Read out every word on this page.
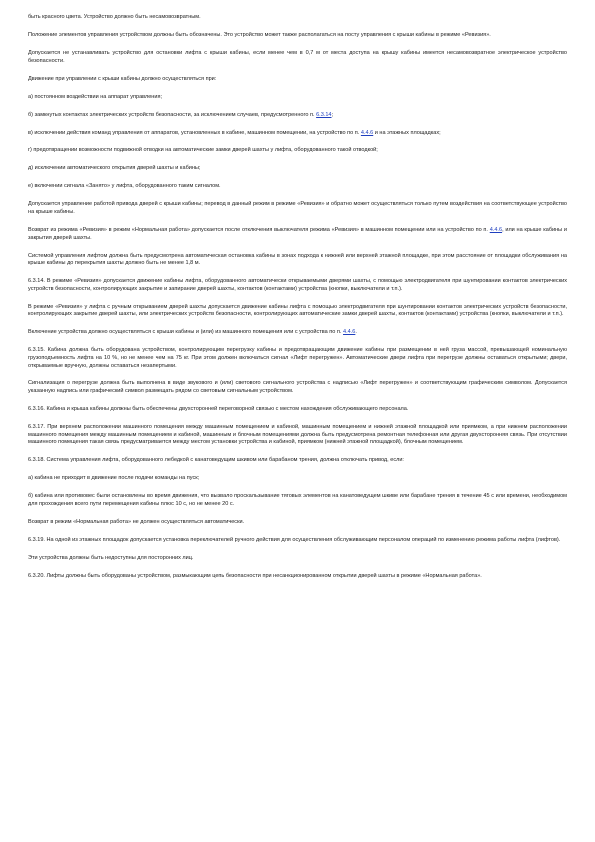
быть красного цвета. Устройство должно быть несамовозвратным.

Положение элементов управления устройством должны быть обозначены. Это устройство может также располагаться на посту управления с крыши кабины в режиме «Ревизия».

Допускается не устанавливать устройство для остановки лифта с крыши кабины, если менее чем в 0,7 м от места доступа на крышу кабины имеется несамовозвратное электрическое устройство безопасности.

Движение при управлении с крыши кабины должно осуществляться при:

а) постоянном воздействии на аппарат управления;

б) замкнутых контактах электрических устройств безопасности, за исключением случаев, предусмотренного п. 6.3.14;

в) исключении действия команд управления от аппаратов, установленных в кабине, машинном помещении, на устройство по п. 4.4.6 и на этажных площадках;

г) предотвращении возможности подвижной отводки на автоматические замки дверей шахты у лифта, оборудованного такой отводкой;

д) исключении автоматического открытия дверей шахты и кабины;

е) включении сигнала «Занято» у лифта, оборудованного таким сигналом.

Допускается управление работой привода дверей с крыши кабины; перевод в данный режим в режиме «Ревизия» и обратно может осуществляться только путем воздействия на соответствующее устройство на крыше кабины.

Возврат из режима «Ревизия» в режим «Нормальная работа» допускается после отключения выключателя режима «Ревизия» в машинном помещении или на устройство по п. 4.4.6, или на крыше кабины и закрытия дверей шахты.

Системой управления лифтом должна быть предусмотрена автоматическая остановка кабины в зонах подхода к нижней или верхней этажной площадке, при этом расстояние от площадки обслуживания на крыше кабины до перекрытия шахты должно быть не менее 1,8 м.

6.3.14. В режиме «Ревизия» допускается движение кабины лифта, оборудованного автоматически открываемыми дверями шахты, с помощью электродвигателя при шунтировании контактов электрических устройств безопасности, контролирующих закрытие и запирание дверей шахты, контактов (контактами) устройства (кнопки, выключатели и т.п.).

В режиме «Ревизия» у лифта с ручным открыванием дверей шахты допускается движение кабины лифта с помощью электродвигателя при шунтировании контактов электрических устройств безопасности, контролирующих закрытие дверей шахты, или электрических устройств безопасности, контролирующих автоматические замки дверей шахты, контактов (контактами) устройства (кнопки, выключатели и т.п.).

Включение устройства должно осуществляться с крыши кабины и (или) из машинного помещения или с устройства по п. 4.4.6.

6.3.15. Кабина должна быть оборудована устройством, контролирующим перегрузку кабины и предотвращающим движение кабины при размещении в ней груза массой, превышающей номинальную грузоподъемность лифта на 10 %, но не менее чем на 75 кг. При этом должен включаться сигнал «Лифт перегружен». Автоматические двери лифта при перегрузе должны оставаться открытыми; двери, открываемые вручную, должны оставаться незапертыми.

Сигнализация о перегрузе должна быть выполнена в виде звукового и (или) светового сигнального устройства с надписью «Лифт перегружен» и соответствующим графическим символом. Допускается указанную надпись или графический символ размещать рядом со световым сигнальным устройством.

6.3.16. Кабина и крыша кабины должны быть обеспечены двухсторонней переговорной связью с местом нахождения обслуживающего персонала.

6.3.17. При верхнем расположении машинного помещения между машинным помещением и кабиной, машинным помещением и нижней этажной площадкой или приямком, а при нижнем расположении машинного помещения между машинным помещением и кабиной, машинным и блочным помещениями должна быть предусмотрена ремонтная телефонная или другая двухсторонняя связь. При отсутствии машинного помещения такая связь предусматривается между местом установки устройства и кабиной, приямком (нижней этажной площадкой), блочным помещением.

6.3.18. Система управления лифта, оборудованного лебедкой с канатоведущим шкивом или барабаном трения, должна отключать привод, если:

а) кабина не приходит в движение после подачи команды на пуск;

б) кабина или противовес были остановлены во время движения, что вызвало проскальзывание тяговых элементов на канатоведущем шкиве или барабане трения в течение 45 с или времени, необходимом для прохождения всего пути перемещения кабины плюс 10 с, но не менее 20 с.

Возврат в режим «Нормальная работа» не должен осуществляться автоматически.

6.3.19. На одной из этажных площадок допускается установка переключателей ручного действия для осуществления обслуживающим персоналом операций по изменению режима работы лифта (лифтов).

Эти устройства должны быть недоступны для посторонних лиц.

6.3.20. Лифты должны быть оборудованы устройством, размыкающим цепь безопасности при несанкционированном открытии дверей шахты в режиме «Нормальная работа».
